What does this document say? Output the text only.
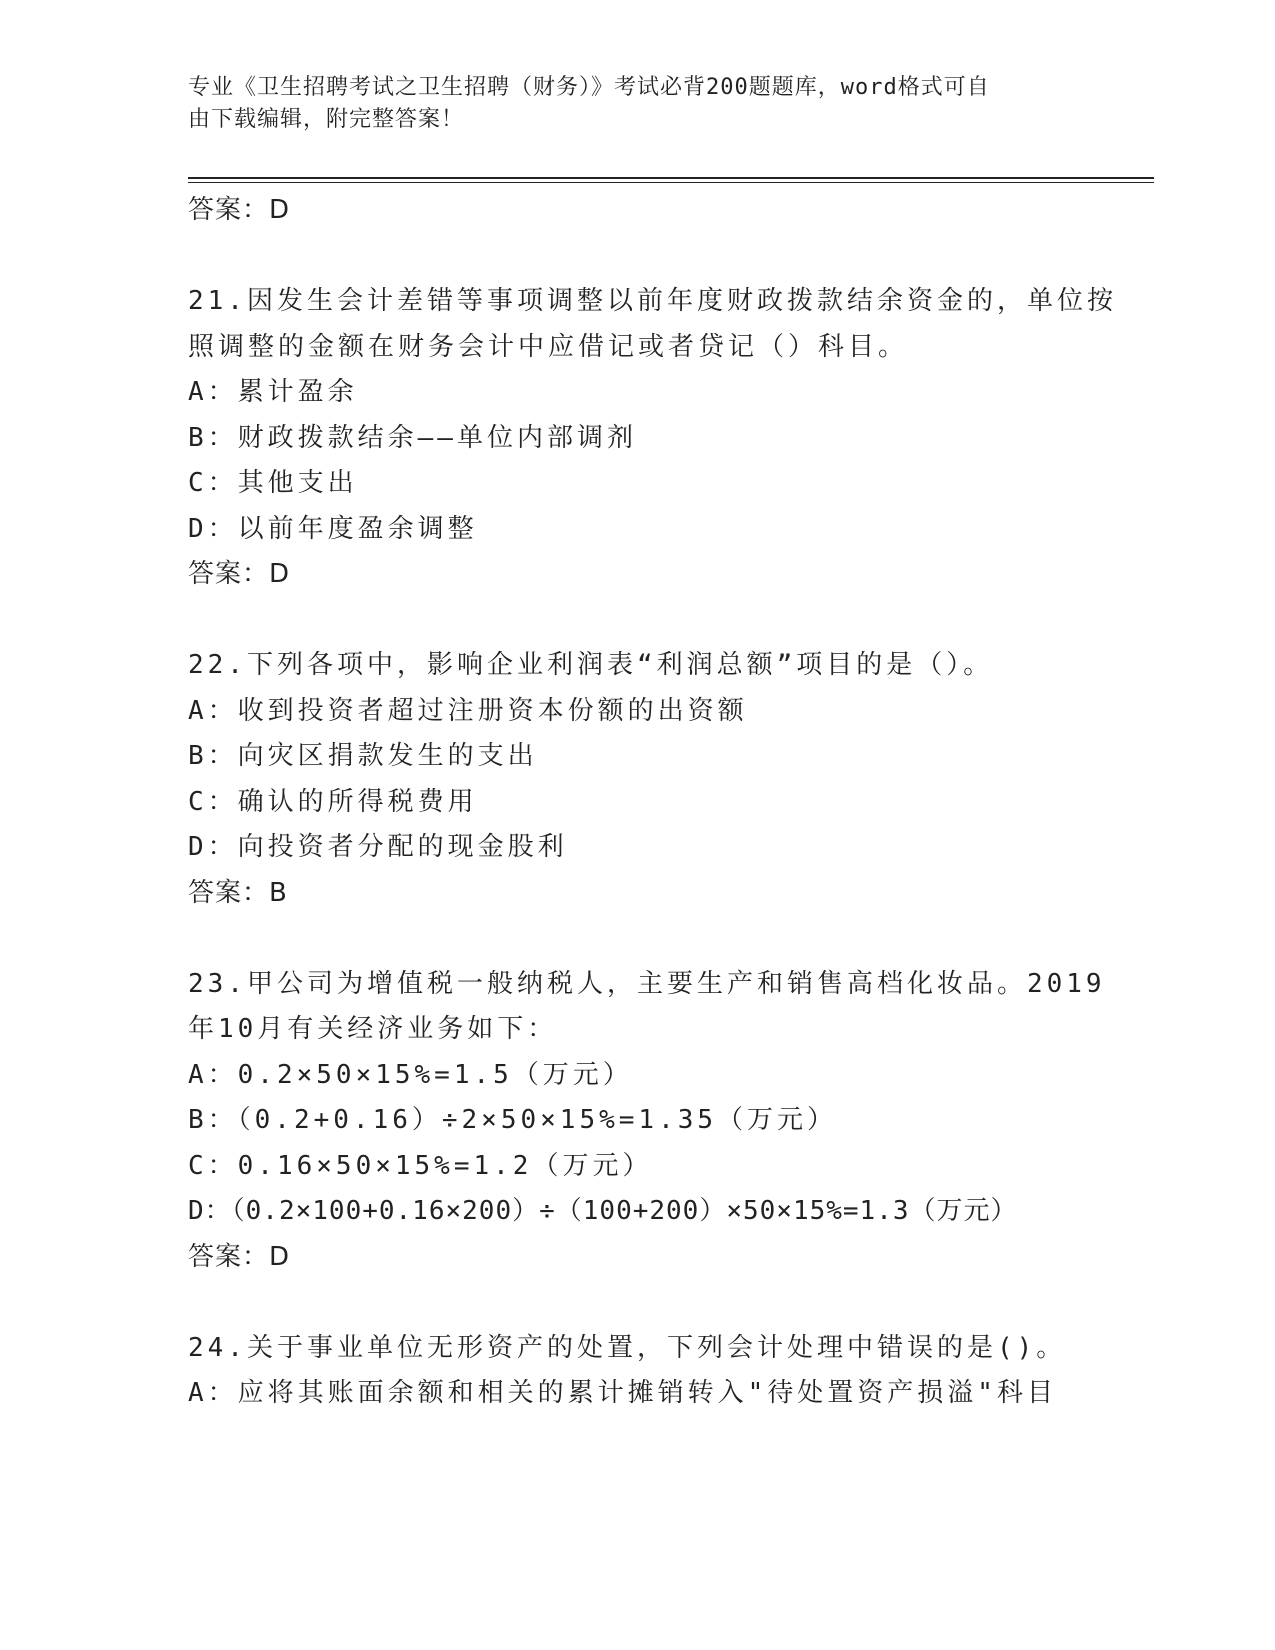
专业《卫生招聘考试之卫生招聘（财务）》考试必背200题题库，word格式可自
由下载编辑，附完整答案！
答案：D
21.因发生会计差错等事项调整以前年度财政拨款结余资金的，单位按
照调整的金额在财务会计中应借记或者贷记（）科目。
A：累计盈余
B：财政拨款结余——单位内部调剂
C：其他支出
D：以前年度盈余调整
答案：D
22.下列各项中，影响企业利润表“利润总额”项目的是（）。
A：收到投资者超过注册资本份额的出资额
B：向灾区捐款发生的支出
C：确认的所得税费用
D：向投资者分配的现金股利
答案：B
23.甲公司为增值税一般纳税人，主要生产和销售高档化妆品。2019
年10月有关经济业务如下：
A：0.2×50×15%=1.5（万元）
B：（0.2+0.16）÷2×50×15%=1.35（万元）
C：0.16×50×15%=1.2（万元）
D：（0.2×100+0.16×200）÷（100+200）×50×15%=1.3（万元）
答案：D
24.关于事业单位无形资产的处置，下列会计处理中错误的是()。
A：应将其账面余额和相关的累计摊销转入"待处置资产损溢"科目
